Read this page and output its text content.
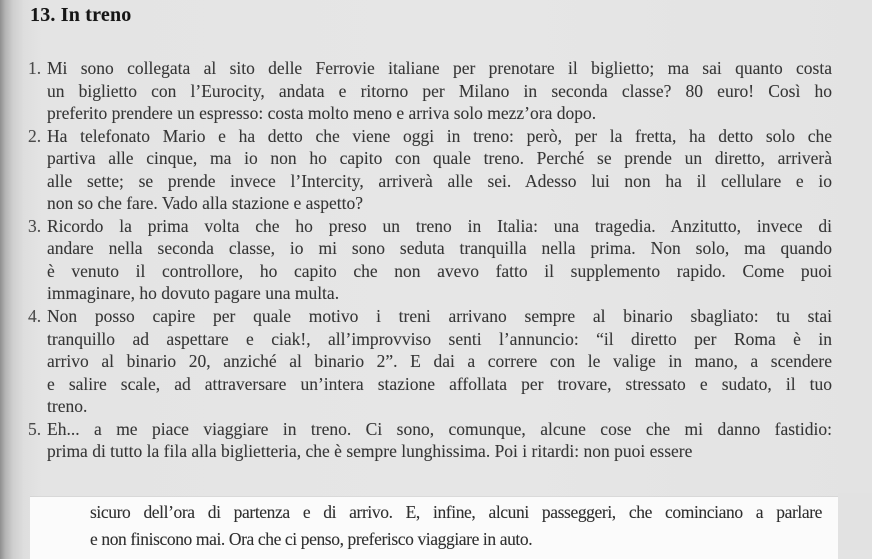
13. In treno
1. Mi sono collegata al sito delle Ferrovie italiane per prenotare il biglietto; ma sai quanto costa
un biglietto con l’Eurocity, andata e ritorno per Milano in seconda classe? 80 euro! Così ho
preferito prendere un espresso: costa molto meno e arriva solo mezz’ora dopo.
2. Ha telefonato Mario e ha detto che viene oggi in treno: però, per la fretta, ha detto solo che
partiva alle cinque, ma io non ho capito con quale treno. Perché se prende un diretto, arriverà
alle sette; se prende invece l’Intercity, arriverà alle sei. Adesso lui non ha il cellulare e io
non so che fare. Vado alla stazione e aspetto?
3. Ricordo la prima volta che ho preso un treno in Italia: una tragedia. Anzitutto, invece di
andare nella seconda classe, io mi sono seduta tranquilla nella prima. Non solo, ma quando
è venuto il controllore, ho capito che non avevo fatto il supplemento rapido. Come puoi
immaginare, ho dovuto pagare una multa.
4. Non posso capire per quale motivo i treni arrivano sempre al binario sbagliato: tu stai
tranquillo ad aspettare e ciak!, all’improvviso senti l’annuncio: “il diretto per Roma è in
arrivo al binario 20, anziché al binario 2”. E dai a correre con le valige in mano, a scendere
e salire scale, ad attraversare un’intera stazione affollata per trovare, stressato e sudato, il tuo
treno.
5. Eh... a me piace viaggiare in treno. Ci sono, comunque, alcune cose che mi danno fastidio:
prima di tutto la fila alla biglietteria, che è sempre lunghissima. Poi i ritardi: non puoi essere
sicuro dell’ora di partenza e di arrivo. E, infine, alcuni passeggeri, che cominciano a parlare
e non finiscono mai. Ora che ci penso, preferisco viaggiare in auto.
